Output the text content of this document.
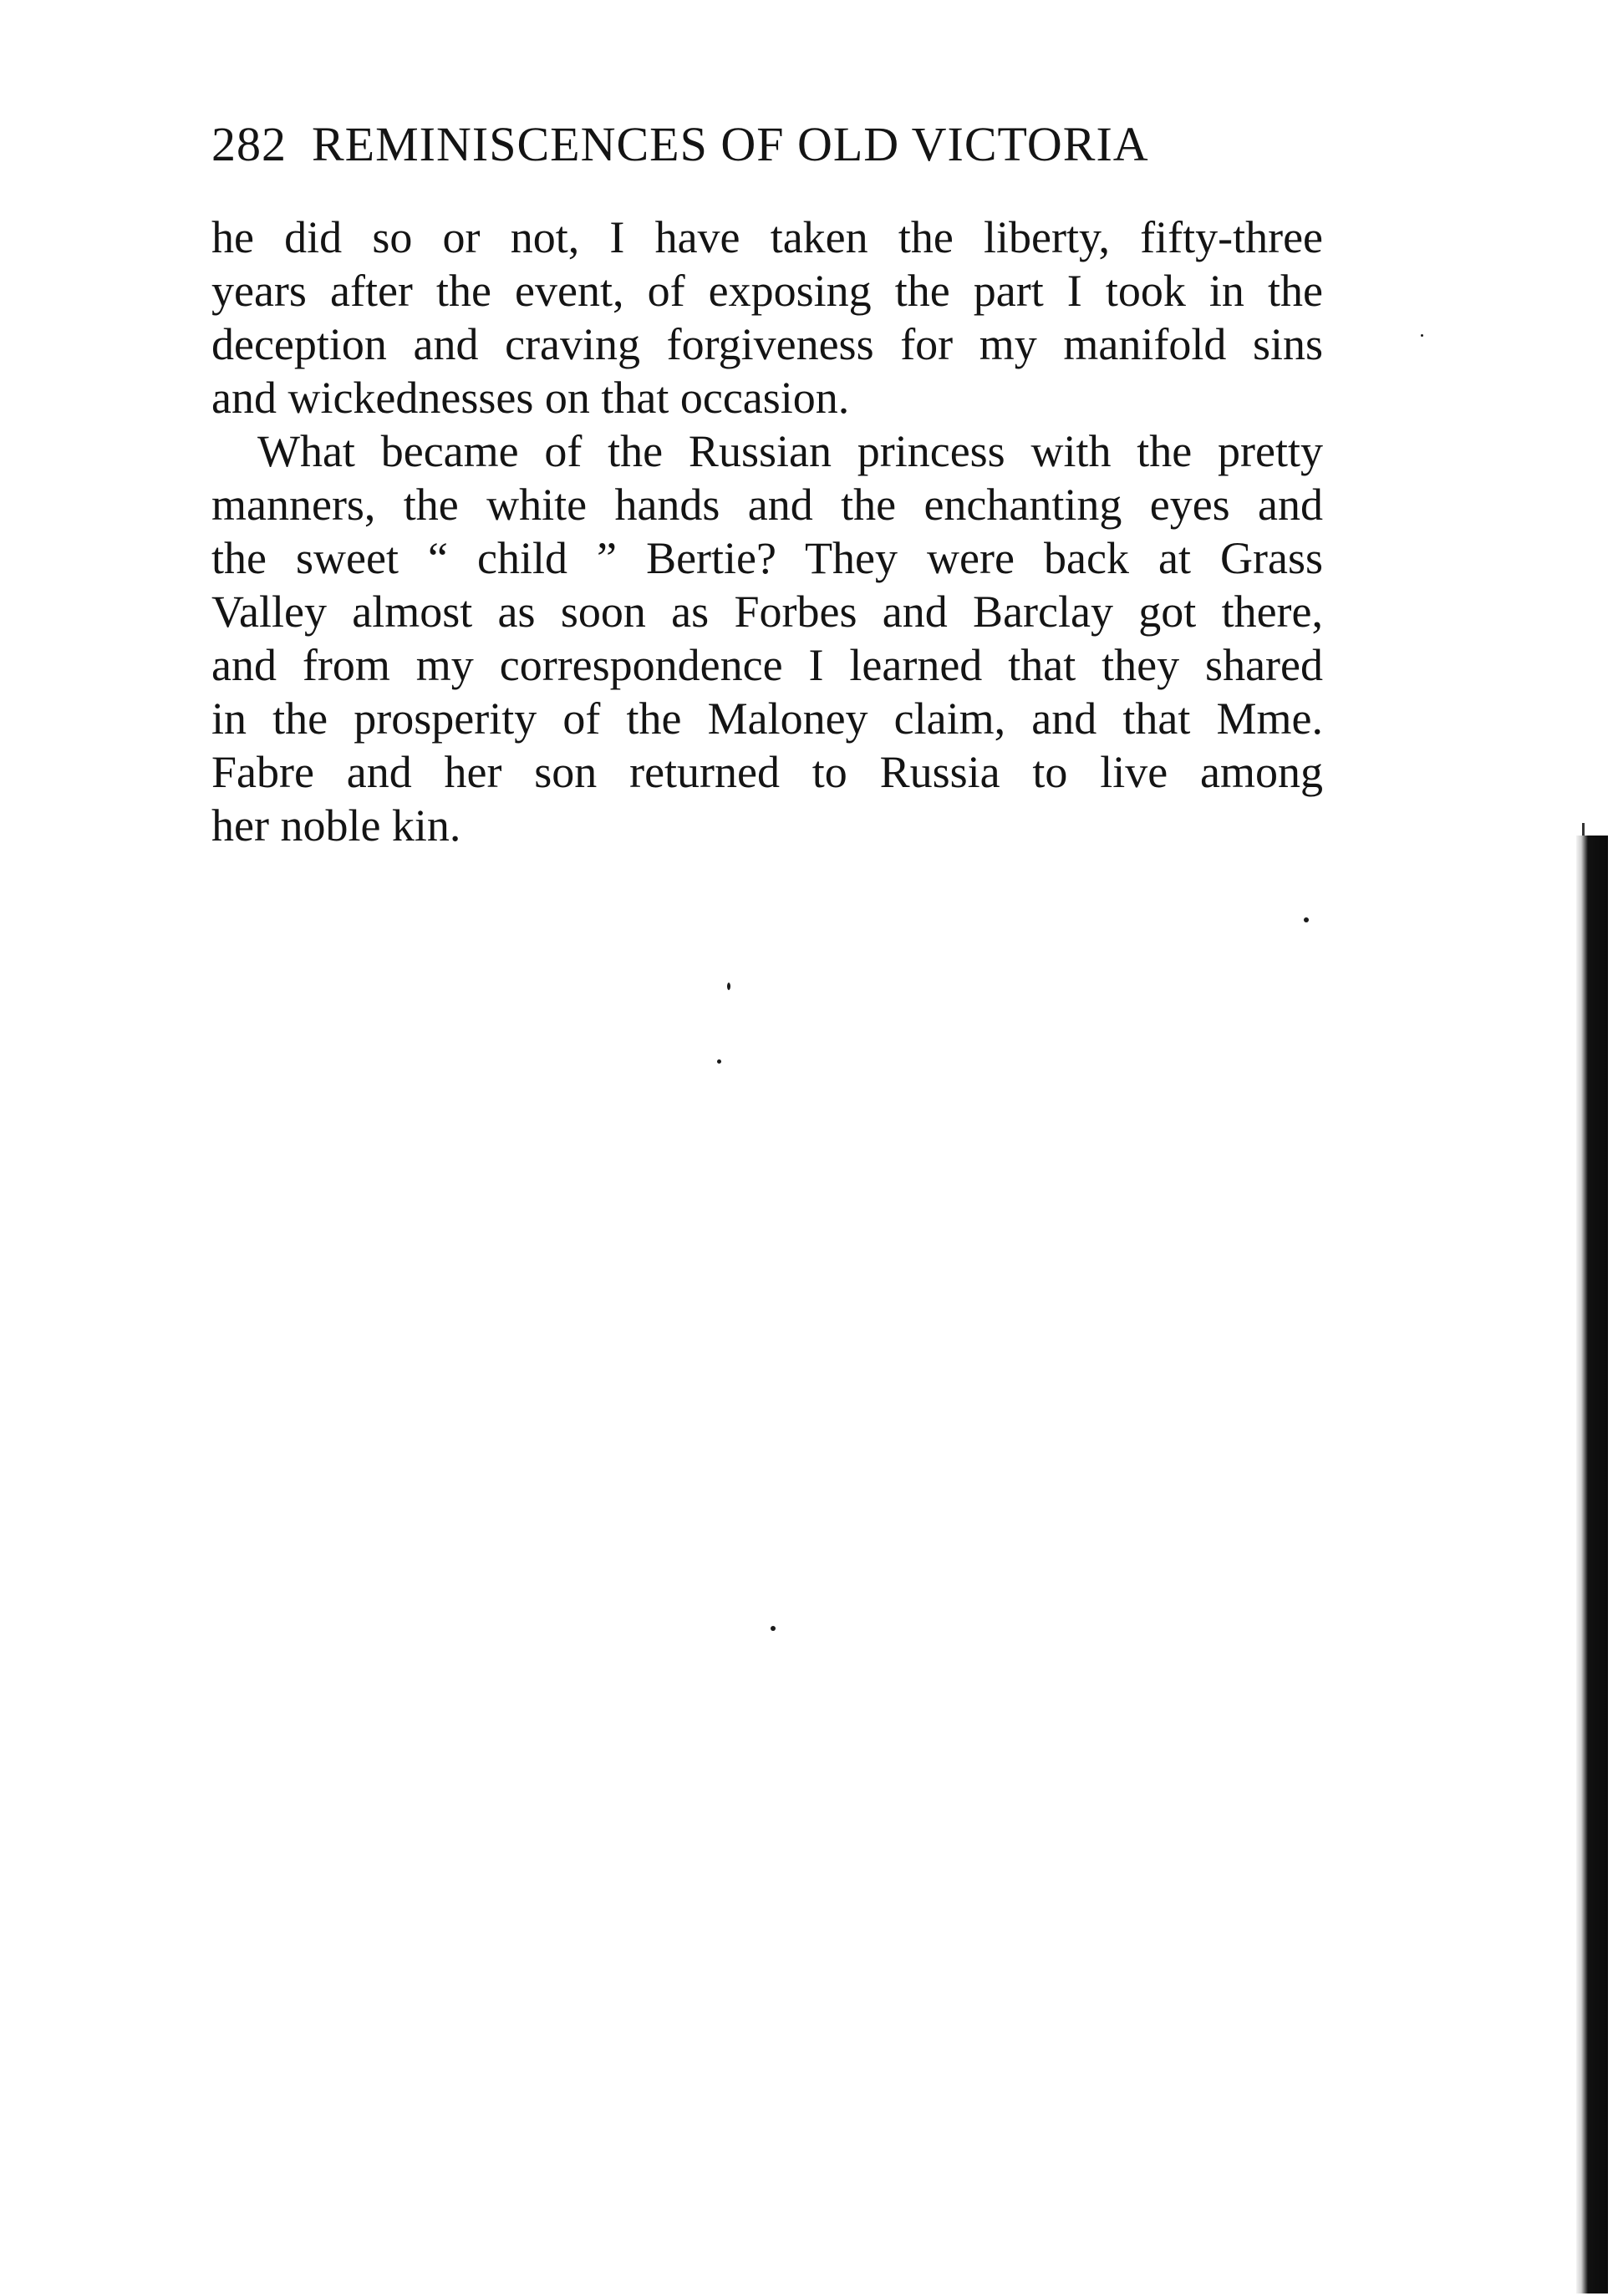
282 REMINISCENCES OF OLD VICTORIA
he did so or not, I have taken the liberty, fifty-three
years after the event, of exposing the part I took in the
deception and craving forgiveness for my manifold sins
and wickednesses on that occasion.
What became of the Russian princess with the pretty
manners, the white hands and the enchanting eyes and
the sweet “ child ” Bertie? They were back at Grass
Valley almost as soon as Forbes and Barclay got there,
and from my correspondence I learned that they shared
in the prosperity of the Maloney claim, and that Mme.
Fabre and her son returned to Russia to live among
her noble kin.
